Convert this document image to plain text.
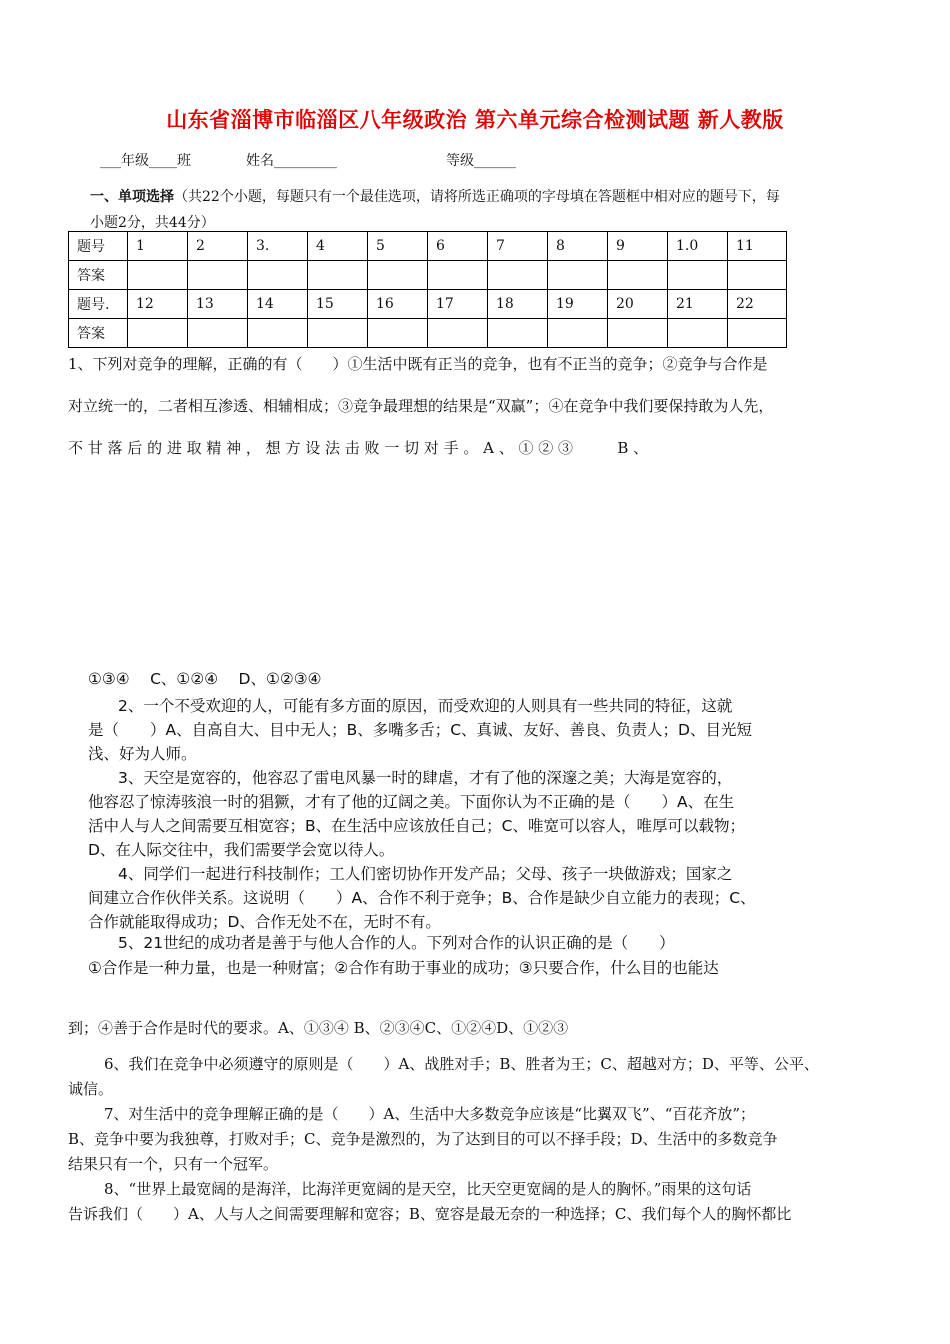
山东省淄博市临淄区八年级政治 第六单元综合检测试题 新人教版
___年级____班	姓名_________	等级______
一、单项选择（共22个小题，每题只有一个最佳选项，请将所选正确项的字母填在答题框中相对应的题号下，每
小题2分，共44分）
题号	1	2	3.	4	5	6	7	8	9	1.0	11
答案											
题号.	12	13	14	15	16	17	18	19	20	21	22
答案											
1、下列对竞争的理解，正确的有（　　）①生活中既有正当的竞争，也有不正当的竞争；②竞争与合作是
对立统一的，二者相互渗透、相辅相成；③竞争最理想的结果是“双赢”；④在竞争中我们要保持敢为人先，
不 甘 落 后 的 进 取 精 神 ， 想 方 设 法 击 败 一 切 对 手 。 A 、 ① ② ③ 　 　 B 、
①③④　 C、①②④　 D、①②③④
2、一个不受欢迎的人，可能有多方面的原因，而受欢迎的人则具有一些共同的特征，这就
是（　　）A、自高自大、目中无人；B、多嘴多舌；C、真诚、友好、善良、负责人；D、目光短
浅、好为人师。
3、天空是宽容的，他容忍了雷电风暴一时的肆虐，才有了他的深邃之美；大海是宽容的，
他容忍了惊涛骇浪一时的猖獗，才有了他的辽阔之美。下面你认为不正确的是（　　）A、在生
活中人与人之间需要互相宽容；B、在生活中应该放任自己；C、唯宽可以容人，唯厚可以载物；
D、在人际交往中，我们需要学会宽以待人。
4、同学们一起进行科技制作；工人们密切协作开发产品；父母、孩子一块做游戏；国家之
间建立合作伙伴关系。这说明（　　）A、合作不利于竞争；B、合作是缺少自立能力的表现；C、
合作就能取得成功；D、合作无处不在，无时不有。
5、21世纪的成功者是善于与他人合作的人。下列对合作的认识正确的是（　　）
①合作是一种力量，也是一种财富；②合作有助于事业的成功；③只要合作，什么目的也能达
到；④善于合作是时代的要求。A、①③④ B、②③④C、①②④D、①②③
6、我们在竞争中必须遵守的原则是（　　）A、战胜对手；B、胜者为王；C、超越对方；D、平等、公平、
诚信。
7、对生活中的竞争理解正确的是（　　）A、生活中大多数竞争应该是“比翼双飞”、“百花齐放”；
B、竞争中要为我独尊，打败对手；C、竞争是激烈的，为了达到目的可以不择手段；D、生活中的多数竞争
结果只有一个，只有一个冠军。
8、“世界上最宽阔的是海洋，比海洋更宽阔的是天空，比天空更宽阔的是人的胸怀。”雨果的这句话
告诉我们（　　）A、人与人之间需要理解和宽容；B、宽容是最无奈的一种选择；C、我们每个人的胸怀都比
